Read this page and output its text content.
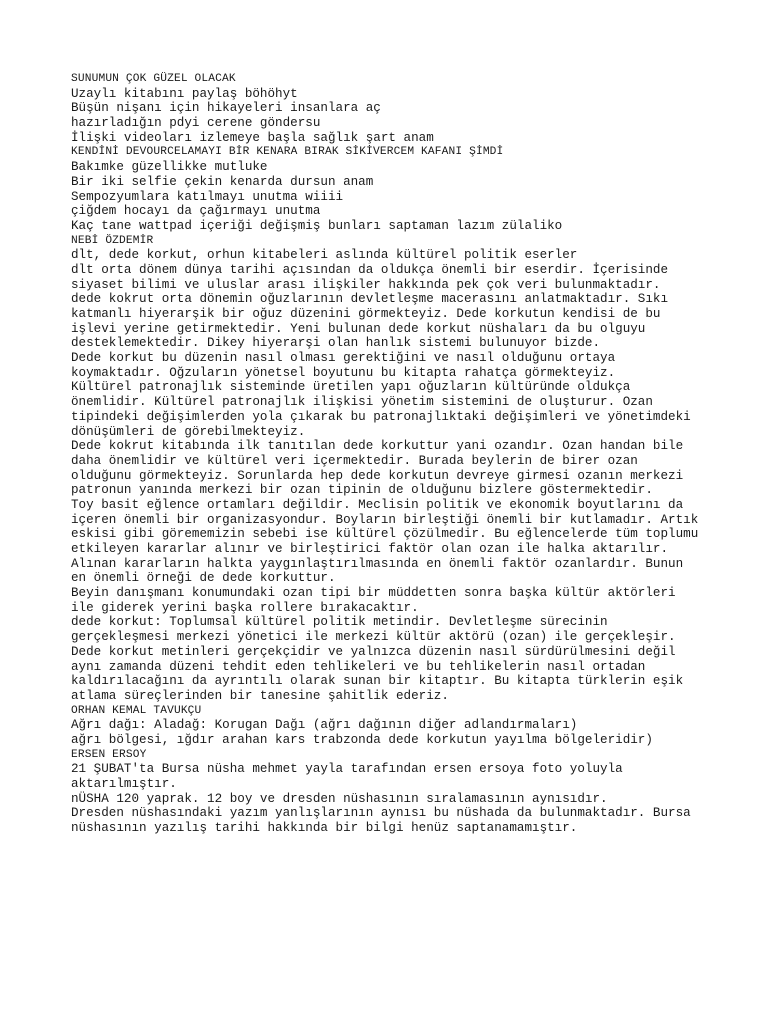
SUNUMUN ÇOK GÜZEL OLACAK
Uzaylı kitabını paylaş böhöhyt
Büşün nişanı için hikayeleri insanlara aç
hazırladığın pdyi cerene göndersu
İlişki videoları izlemeye başla sağlık şart anam
KENDİNİ DEVOURCELAMAYI BİR KENARA BIRAK SİKİVERCEM KAFANI ŞİMDİ
Bakımke güzellikke mutluke
Bir iki selfie çekin kenarda dursun anam
Sempozyumlara katılmayı unutma wiiii
çiğdem hocayı da çağırmayı unutma
Kaç tane wattpad içeriği değişmiş bunları saptaman lazım zülaliko
NEBİ ÖZDEMİR
dlt, dede korkut, orhun kitabeleri aslında kültürel politik eserler
dlt orta dönem dünya tarihi açısından da oldukça önemli bir eserdir. İçerisinde
siyaset bilimi ve uluslar arası ilişkiler hakkında pek çok veri bulunmaktadır.
dede kokrut orta dönemin oğuzlarının devletleşme macerasını anlatmaktadır. Sıkı
katmanlı hiyerarşik bir oğuz düzenini görmekteyiz. Dede korkutun kendisi de bu
işlevi yerine getirmektedir. Yeni bulunan dede korkut nüshaları da bu olguyu
desteklemektedir. Dikey hiyerarşi olan hanlık sistemi bulunuyor bizde.
Dede korkut bu düzenin nasıl olması gerektiğini ve nasıl olduğunu ortaya
koymaktadır. Oğzuların yönetsel boyutunu bu kitapta rahatça görmekteyiz.
Kültürel patronajlık sisteminde üretilen yapı oğuzların kültüründe oldukça
önemlidir. Kültürel patronajlık ilişkisi yönetim sistemini de oluşturur. Ozan
tipindeki değişimlerden yola çıkarak bu patronajlıktaki değişimleri ve yönetimdeki
dönüşümleri de görebilmekteyiz.
Dede kokrut kitabında ilk tanıtılan dede korkuttur yani ozandır. Ozan handan bile
daha önemlidir ve kültürel veri içermektedir. Burada beylerin de birer ozan
olduğunu görmekteyiz. Sorunlarda hep dede korkutun devreye girmesi ozanın merkezi
patronun yanında merkezi bir ozan tipinin de olduğunu bizlere göstermektedir.
Toy basit eğlence ortamları değildir. Meclisin politik ve ekonomik boyutlarını da
içeren önemli bir organizasyondur. Boyların birleştiği önemli bir kutlamadır. Artık
eskisi gibi görememizin sebebi ise kültürel çözülmedir. Bu eğlencelerde tüm toplumu
etkileyen kararlar alınır ve birleştirici faktör olan ozan ile halka aktarılır.
Alınan kararların halkta yaygınlaştırılmasında en önemli faktör ozanlardır. Bunun
en önemli örneği de dede korkuttur.
Beyin danışmanı konumundaki ozan tipi bir müddetten sonra başka kültür aktörleri
ile giderek yerini başka rollere bırakacaktır.
dede korkut: Toplumsal kültürel politik metindir. Devletleşme sürecinin
gerçekleşmesi merkezi yönetici ile merkezi kültür aktörü (ozan) ile gerçekleşir.
Dede korkut metinleri gerçekçidir ve yalnızca düzenin nasıl sürdürülmesini değil
aynı zamanda düzeni tehdit eden tehlikeleri ve bu tehlikelerin nasıl ortadan
kaldırılacağını da ayrıntılı olarak sunan bir kitaptır. Bu kitapta türklerin eşik
atlama süreçlerinden bir tanesine şahitlik ederiz.
ORHAN KEMAL TAVUKÇU
Ağrı dağı: Aladağ: Korugan Dağı (ağrı dağının diğer adlandırmaları)
ağrı bölgesi, ığdır arahan kars trabzonda dede korkutun yayılma bölgeleridir)
ERSEN ERSOY
21 ŞUBAT'ta Bursa nüsha mehmet yayla tarafından ersen ersoya foto yoluyla
aktarılmıştır.
nÜSHA 120 yaprak. 12 boy ve dresden nüshasının sıralamasının aynısıdır.
Dresden nüshasındaki yazım yanlışlarının aynısı bu nüshada da bulunmaktadır. Bursa
nüshasının yazılış tarihi hakkında bir bilgi henüz saptanamamıştır.
